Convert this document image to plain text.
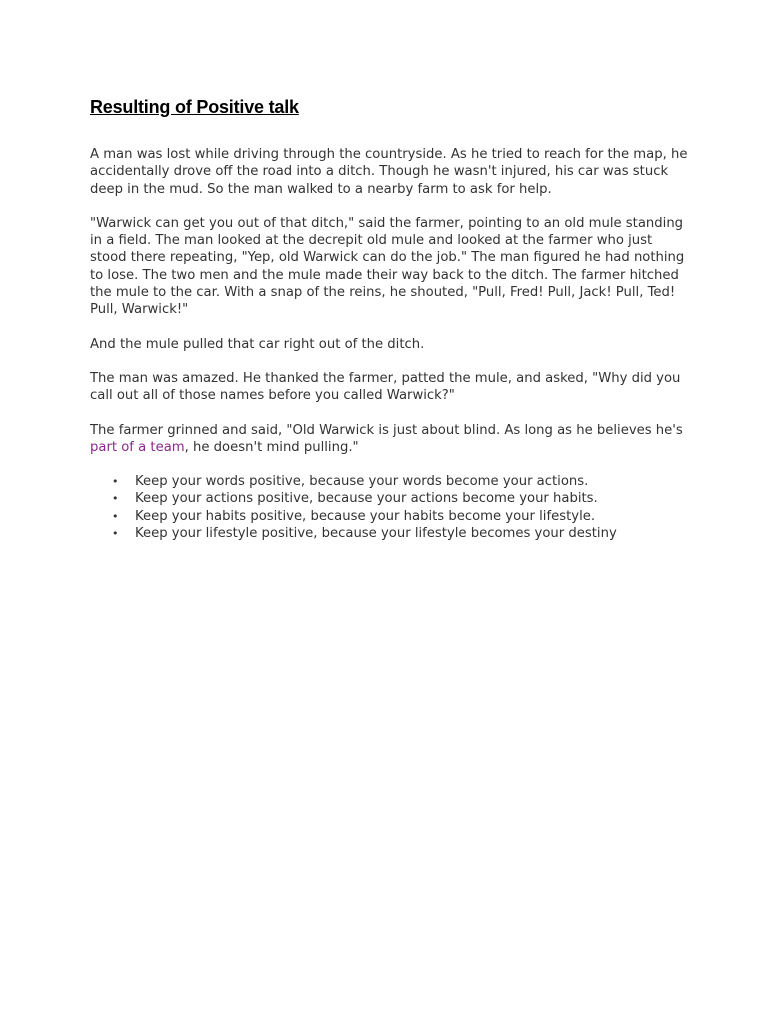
Resulting of Positive talk

A man was lost while driving through the countryside. As he tried to reach for the map, he accidentally drove off the road into a ditch. Though he wasn't injured, his car was stuck deep in the mud. So the man walked to a nearby farm to ask for help.

"Warwick can get you out of that ditch," said the farmer, pointing to an old mule standing in a field. The man looked at the decrepit old mule and looked at the farmer who just stood there repeating, "Yep, old Warwick can do the job." The man figured he had nothing to lose. The two men and the mule made their way back to the ditch. The farmer hitched the mule to the car. With a snap of the reins, he shouted, "Pull, Fred! Pull, Jack! Pull, Ted! Pull, Warwick!"

And the mule pulled that car right out of the ditch.

The man was amazed. He thanked the farmer, patted the mule, and asked, "Why did you call out all of those names before you called Warwick?"

The farmer grinned and said, "Old Warwick is just about blind. As long as he believes he's part of a team, he doesn't mind pulling."

• Keep your words positive, because your words become your actions.
• Keep your actions positive, because your actions become your habits.
• Keep your habits positive, because your habits become your lifestyle.
• Keep your lifestyle positive, because your lifestyle becomes your destiny
